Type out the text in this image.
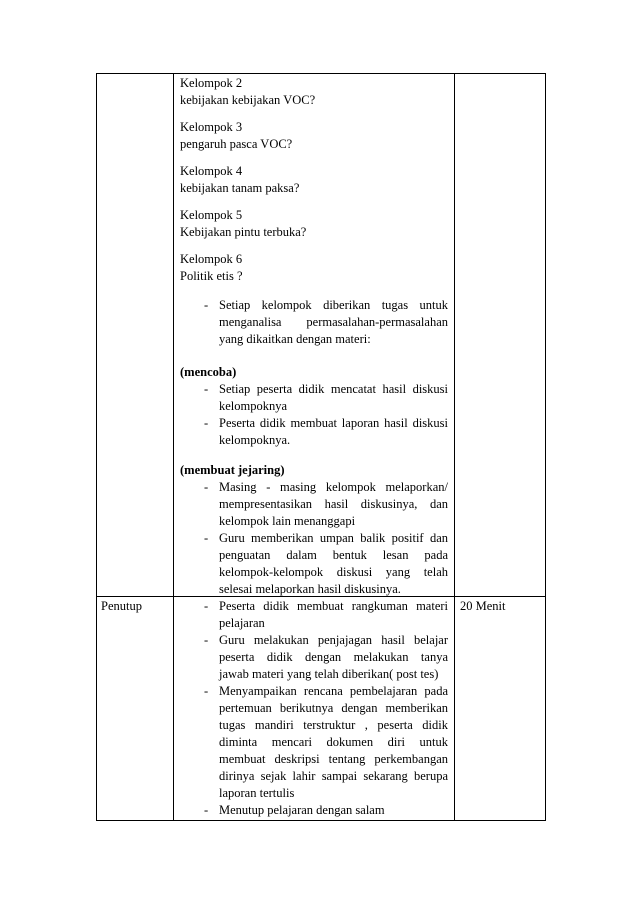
Kelompok 2
kebijakan kebijakan VOC?
Kelompok 3
pengaruh pasca VOC?
Kelompok 4
kebijakan tanam paksa?
Kelompok 5
Kebijakan pintu terbuka?
Kelompok 6
Politik etis ?
- Setiap kelompok diberikan tugas untuk
menganalisa permasalahan-permasalahan
yang dikaitkan dengan materi:
(mencoba)
- Setiap peserta didik mencatat hasil diskusi
kelompoknya
- Peserta didik membuat laporan hasil diskusi
kelompoknya.
(membuat jejaring)
- Masing - masing kelompok melaporkan/
mempresentasikan hasil diskusinya, dan
kelompok lain menanggapi
- Guru memberikan umpan balik positif dan
penguatan dalam bentuk lesan pada
kelompok-kelompok diskusi yang telah
selesai melaporkan hasil diskusinya.
Penutup	20 Menit
- Peserta didik membuat rangkuman materi
pelajaran
- Guru melakukan penjajagan hasil belajar
peserta didik dengan melakukan tanya
jawab materi yang telah diberikan( post tes)
- Menyampaikan rencana pembelajaran pada
pertemuan berikutnya dengan memberikan
tugas mandiri terstruktur , peserta didik
diminta mencari dokumen diri untuk
membuat deskripsi tentang perkembangan
dirinya sejak lahir sampai sekarang berupa
laporan tertulis
- Menutup pelajaran dengan salam
